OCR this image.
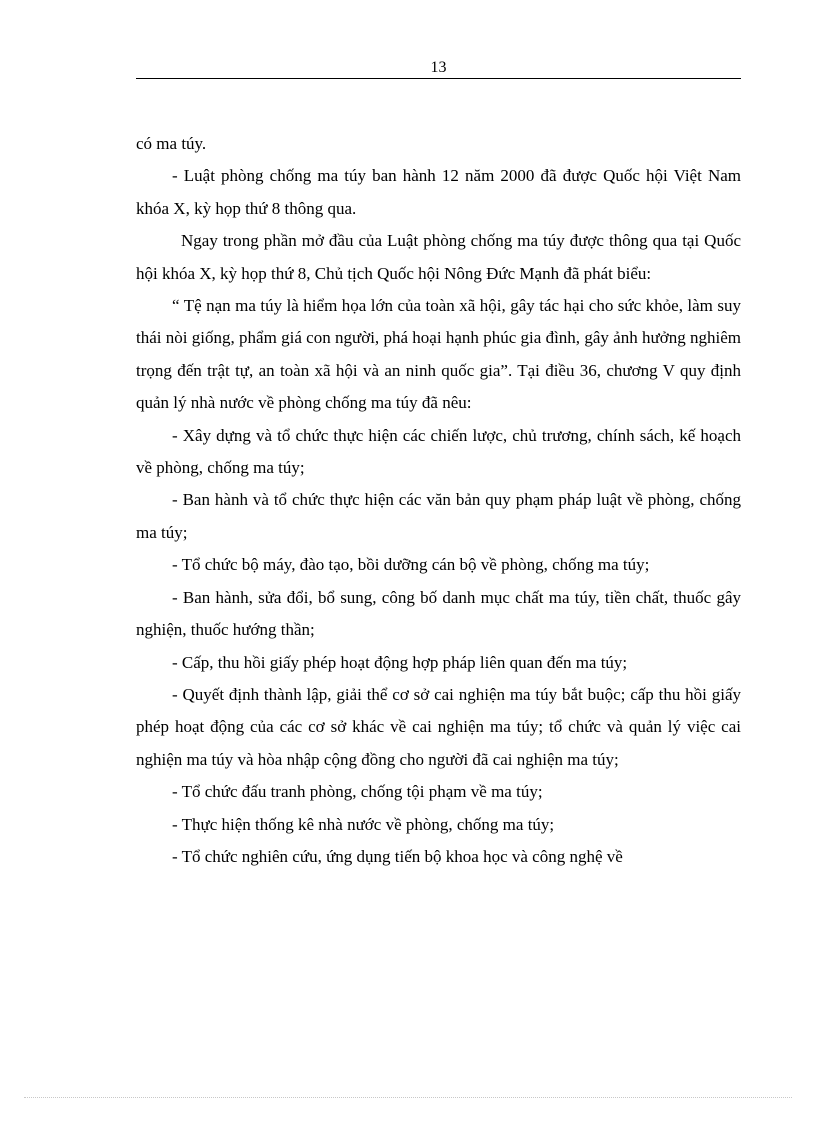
13

có ma túy.

- Luật phòng chống ma túy ban hành 12 năm 2000 đã được Quốc hội Việt Nam khóa X, kỳ họp thứ 8 thông qua.

Ngay trong phần mở đầu của Luật phòng chống ma túy được thông qua tại Quốc hội khóa X, kỳ họp thứ 8, Chủ tịch Quốc hội Nông Đức Mạnh đã phát biểu:

“ Tệ nạn ma túy là hiểm họa lớn của toàn xã hội, gây tác hại cho sức khỏe, làm suy thái nòi giống, phẩm giá con người, phá hoại hạnh phúc gia đình, gây ảnh hưởng nghiêm trọng đến trật tự, an toàn xã hội và an ninh quốc gia”. Tại điều 36, chương V quy định quản lý nhà nước về phòng chống ma túy đã nêu:

- Xây dựng và tổ chức thực hiện các chiến lược, chủ trương, chính sách, kế hoạch về phòng, chống ma túy;

- Ban hành và tổ chức thực hiện các văn bản quy phạm pháp luật về phòng, chống ma túy;

- Tổ chức bộ máy, đào tạo, bồi dưỡng cán bộ về phòng, chống ma túy;

- Ban hành, sửa đổi, bổ sung, công bố danh mục chất ma túy, tiền chất, thuốc gây nghiện, thuốc hướng thần;

- Cấp, thu hồi giấy phép hoạt động hợp pháp liên quan đến ma túy;

- Quyết định thành lập, giải thể cơ sở cai nghiện ma túy bắt buộc; cấp thu hồi giấy phép hoạt động của các cơ sở khác về cai nghiện ma túy; tổ chức và quản lý việc cai nghiện ma túy và hòa nhập cộng đồng cho người đã cai nghiện ma túy;

- Tổ chức đấu tranh phòng, chống tội phạm về ma túy;

- Thực hiện thống kê nhà nước về phòng, chống ma túy;

- Tổ chức nghiên cứu, ứng dụng tiến bộ khoa học và công nghệ về
